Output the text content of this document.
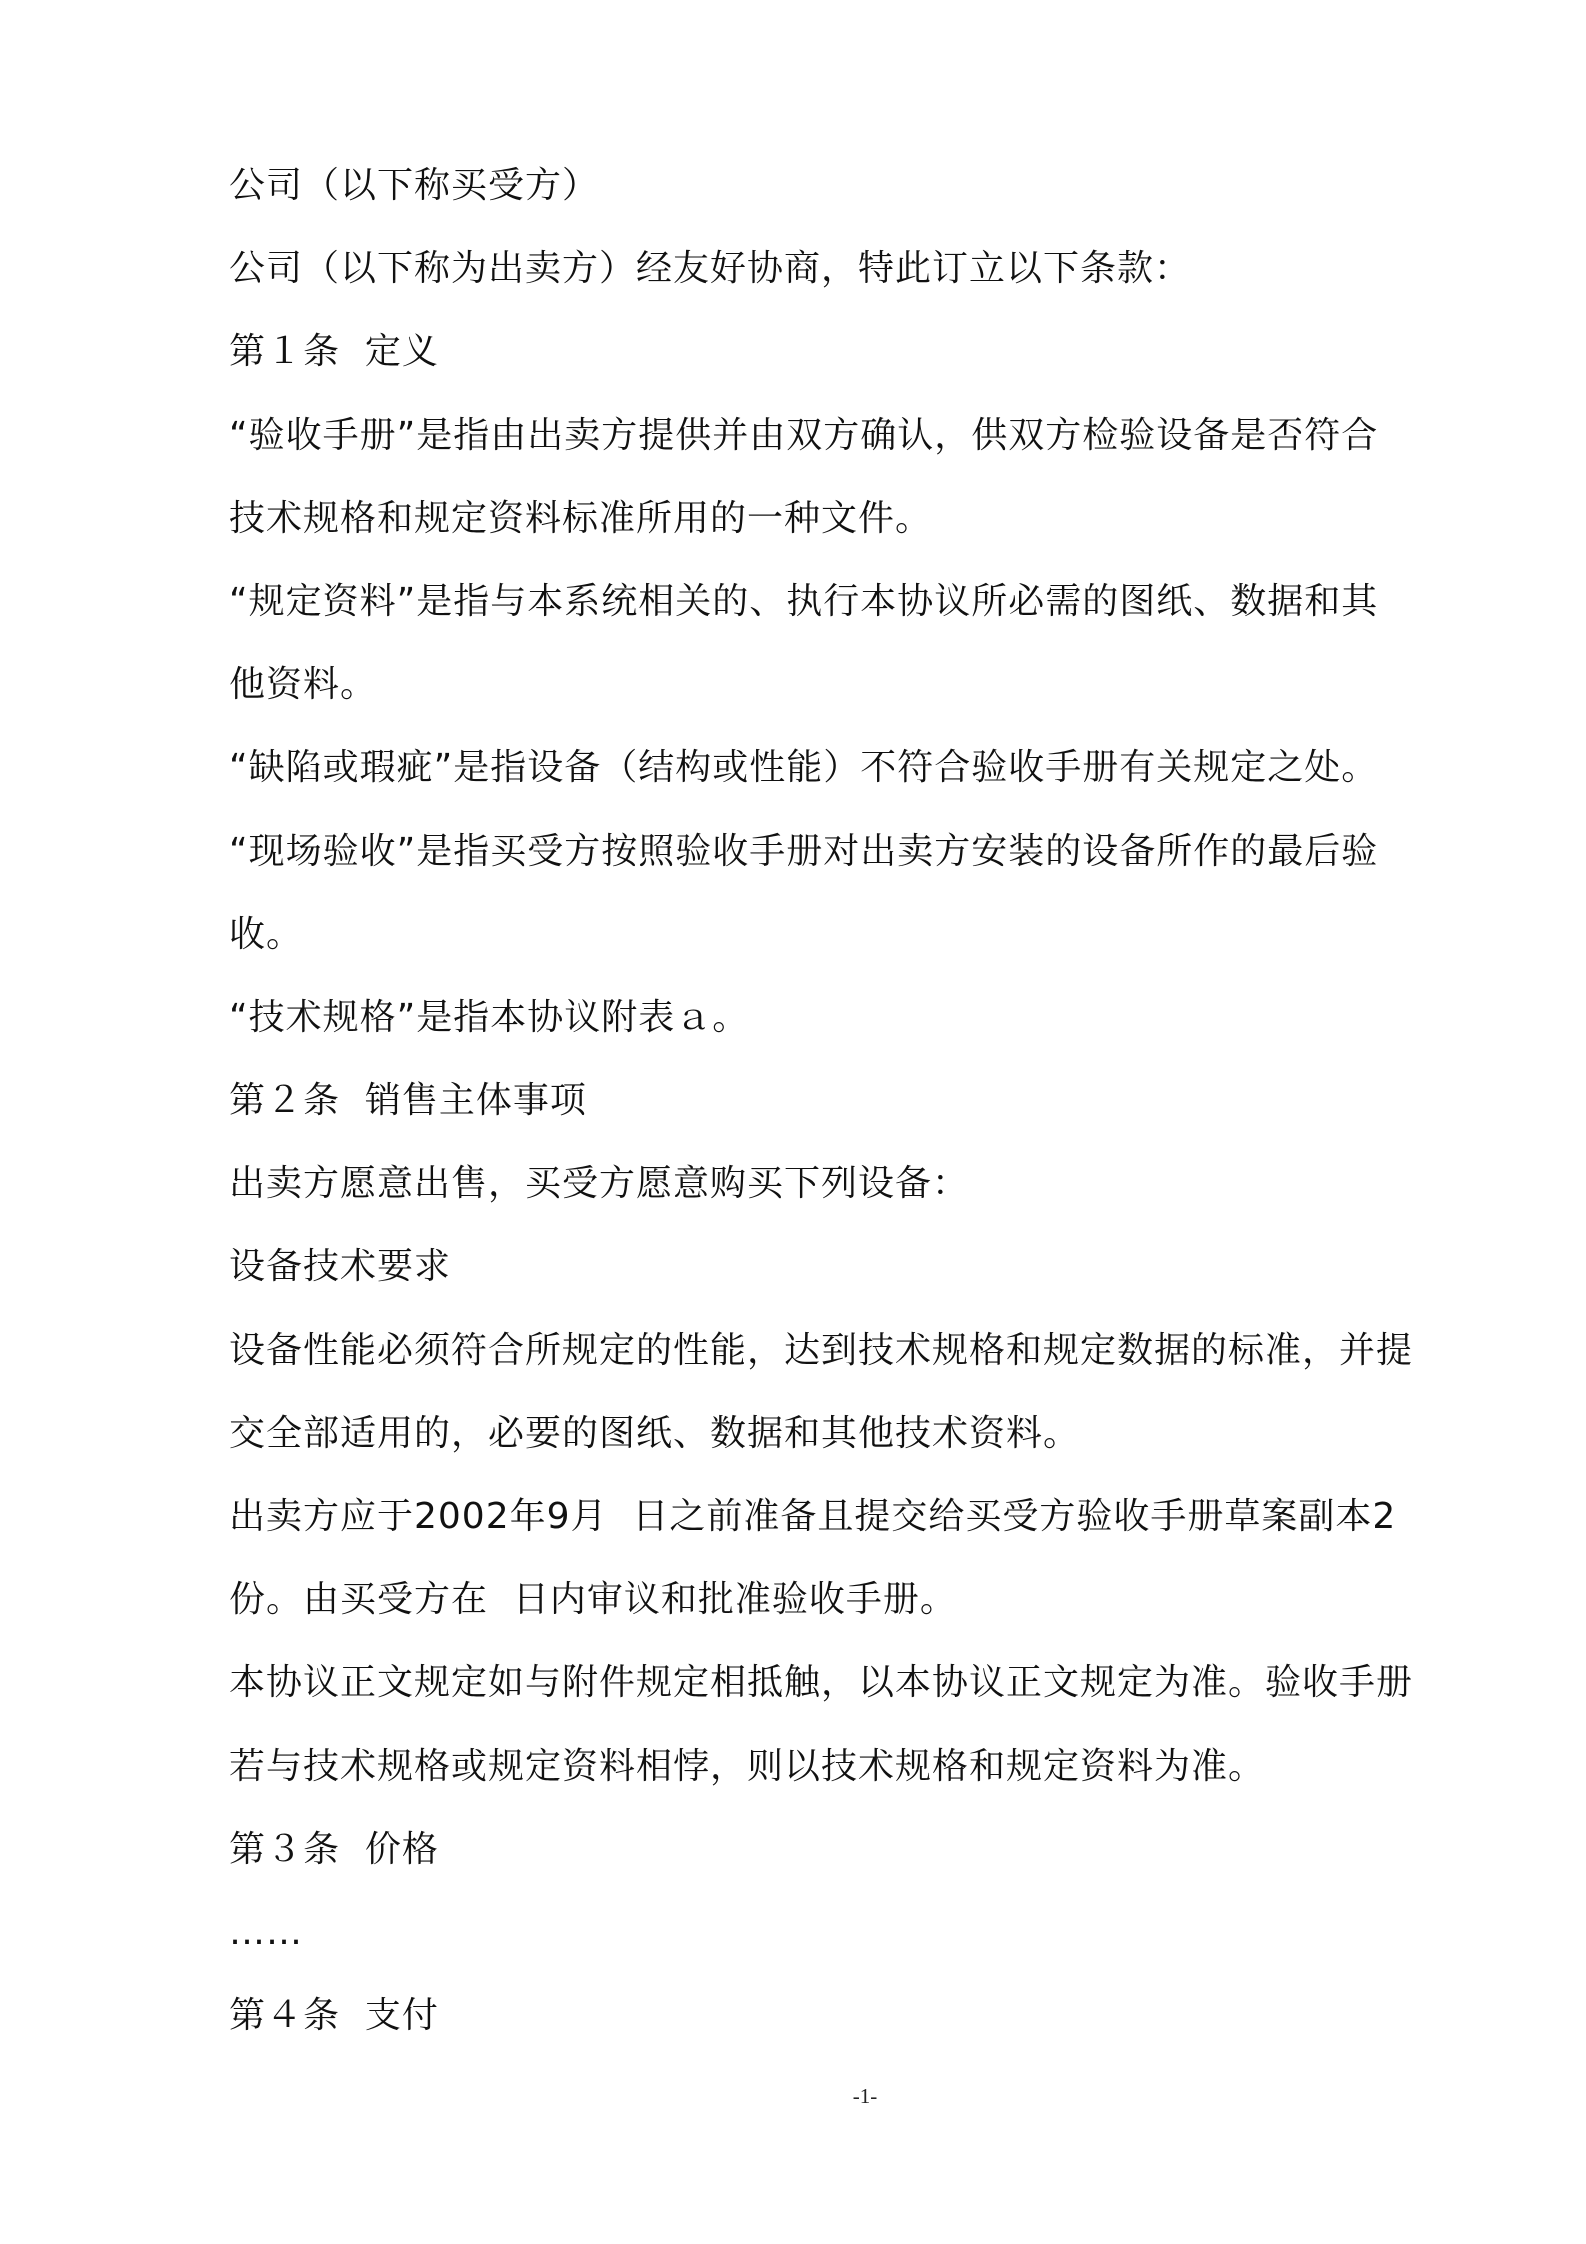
公司（以下称买受方）
公司（以下称为出卖方）经友好协商，特此订立以下条款：
第１条  定义
“验收手册”是指由出卖方提供并由双方确认，供双方检验设备是否符合
技术规格和规定资料标准所用的一种文件。
“规定资料”是指与本系统相关的、执行本协议所必需的图纸、数据和其
他资料。
“缺陷或瑕疵”是指设备（结构或性能）不符合验收手册有关规定之处。
“现场验收”是指买受方按照验收手册对出卖方安装的设备所作的最后验
收。
“技术规格”是指本协议附表ａ。
第２条  销售主体事项
出卖方愿意出售，买受方愿意购买下列设备：
设备技术要求
设备性能必须符合所规定的性能，达到技术规格和规定数据的标准，并提
交全部适用的，必要的图纸、数据和其他技术资料。
出卖方应于2002年9月  日之前准备且提交给买受方验收手册草案副本2
份。由买受方在  日内审议和批准验收手册。
本协议正文规定如与附件规定相抵触，以本协议正文规定为准。验收手册
若与技术规格或规定资料相悖，则以技术规格和规定资料为准。
第３条  价格
……
第４条  支付
-1-
